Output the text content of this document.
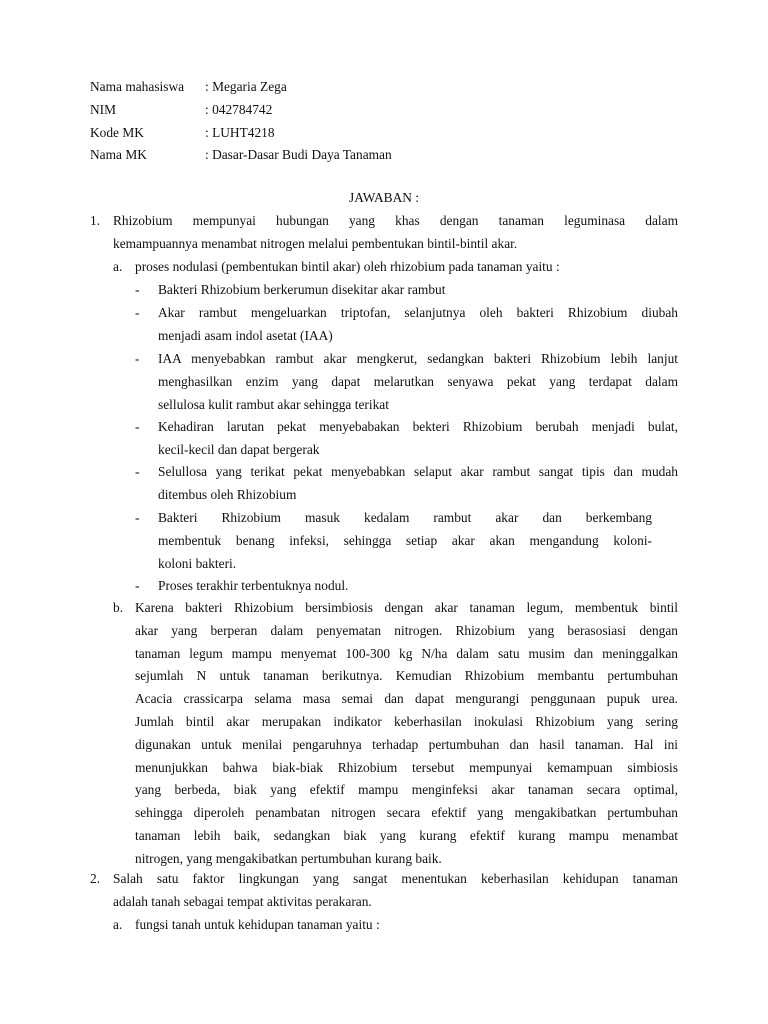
Nama mahasiswa	: Megaria Zega
NIM	: 042784742
Kode MK	: LUHT4218
Nama MK	: Dasar-Dasar Budi Daya Tanaman
JAWABAN :
1. Rhizobium mempunyai hubungan yang khas dengan tanaman leguminasa dalam
kemampuannya menambat nitrogen melalui pembentukan bintil-bintil akar.
a. proses nodulasi (pembentukan bintil akar) oleh rhizobium pada tanaman yaitu :
- Bakteri Rhizobium berkerumun disekitar akar rambut
- Akar rambut mengeluarkan triptofan, selanjutnya oleh bakteri Rhizobium diubah
menjadi asam indol asetat (IAA)
- IAA menyebabkan rambut akar mengkerut, sedangkan bakteri Rhizobium lebih lanjut
menghasilkan enzim yang dapat melarutkan senyawa pekat yang terdapat dalam
sellulosa kulit rambut akar sehingga terikat
- Kehadiran larutan pekat menyebabakan bekteri Rhizobium berubah menjadi bulat,
kecil-kecil dan dapat bergerak
- Selullosa yang terikat pekat menyebabkan selaput akar rambut sangat tipis dan mudah
ditembus oleh Rhizobium
- Bakteri Rhizobium masuk kedalam rambut akar dan berkembang
membentuk benang infeksi, sehingga setiap akar akan mengandung koloni-
koloni bakteri.
- Proses terakhir terbentuknya nodul.
b. Karena bakteri Rhizobium bersimbiosis dengan akar tanaman legum, membentuk bintil
akar yang berperan dalam penyematan nitrogen. Rhizobium yang berasosiasi dengan
tanaman legum mampu menyemat 100-300 kg N/ha dalam satu musim dan meninggalkan
sejumlah N untuk tanaman berikutnya. Kemudian Rhizobium membantu pertumbuhan
Acacia crassicarpa selama masa semai dan dapat mengurangi penggunaan pupuk urea.
Jumlah bintil akar merupakan indikator keberhasilan inokulasi Rhizobium yang sering
digunakan untuk menilai pengaruhnya terhadap pertumbuhan dan hasil tanaman. Hal ini
menunjukkan bahwa biak-biak Rhizobium tersebut mempunyai kemampuan simbiosis
yang berbeda, biak yang efektif mampu menginfeksi akar tanaman secara optimal,
sehingga diperoleh penambatan nitrogen secara efektif yang mengakibatkan pertumbuhan
tanaman lebih baik, sedangkan biak yang kurang efektif kurang mampu menambat
nitrogen, yang mengakibatkan pertumbuhan kurang baik.
2. Salah satu faktor lingkungan yang sangat menentukan keberhasilan kehidupan tanaman
adalah tanah sebagai tempat aktivitas perakaran.
a. fungsi tanah untuk kehidupan tanaman yaitu :
